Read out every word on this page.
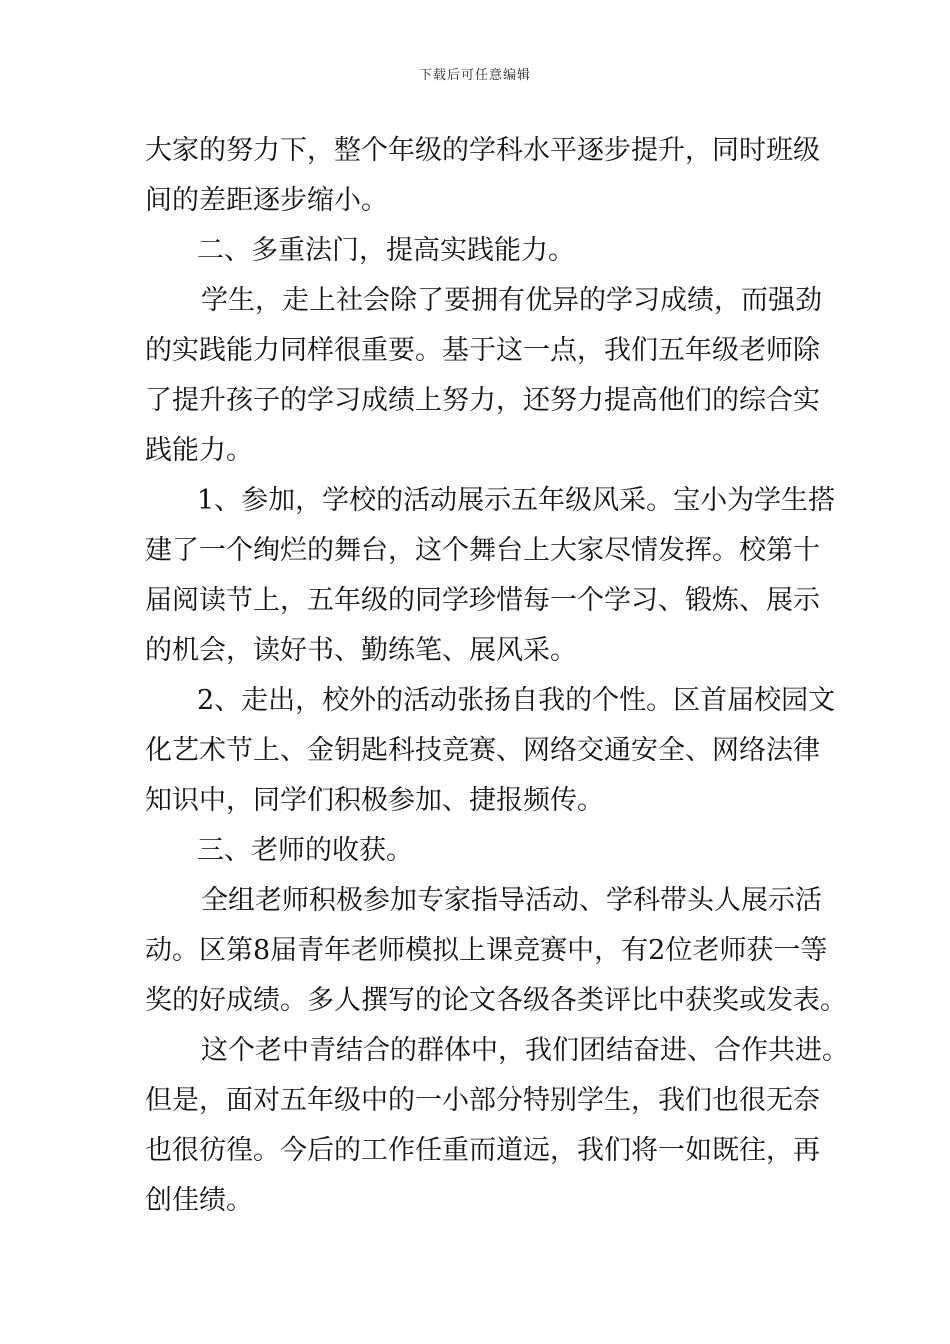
下载后可任意编辑
大家的努力下，整个年级的学科水平逐步提升，同时班级
间的差距逐步缩小。
二、多重法门，提高实践能力。
学生，走上社会除了要拥有优异的学习成绩，而强劲
的实践能力同样很重要。基于这一点，我们五年级老师除
了提升孩子的学习成绩上努力，还努力提高他们的综合实
践能力。
1、参加，学校的活动展示五年级风采。宝小为学生搭
建了一个绚烂的舞台，这个舞台上大家尽情发挥。校第十
届阅读节上，五年级的同学珍惜每一个学习、锻炼、展示
的机会，读好书、勤练笔、展风采。
2、走出，校外的活动张扬自我的个性。区首届校园文
化艺术节上、金钥匙科技竞赛、网络交通安全、网络法律
知识中，同学们积极参加、捷报频传。
三、老师的收获。
全组老师积极参加专家指导活动、学科带头人展示活
动。区第8届青年老师模拟上课竞赛中，有2位老师获一等
奖的好成绩。多人撰写的论文各级各类评比中获奖或发表。
这个老中青结合的群体中，我们团结奋进、合作共进。
但是，面对五年级中的一小部分特别学生，我们也很无奈
也很彷徨。今后的工作任重而道远，我们将一如既往，再
创佳绩。
